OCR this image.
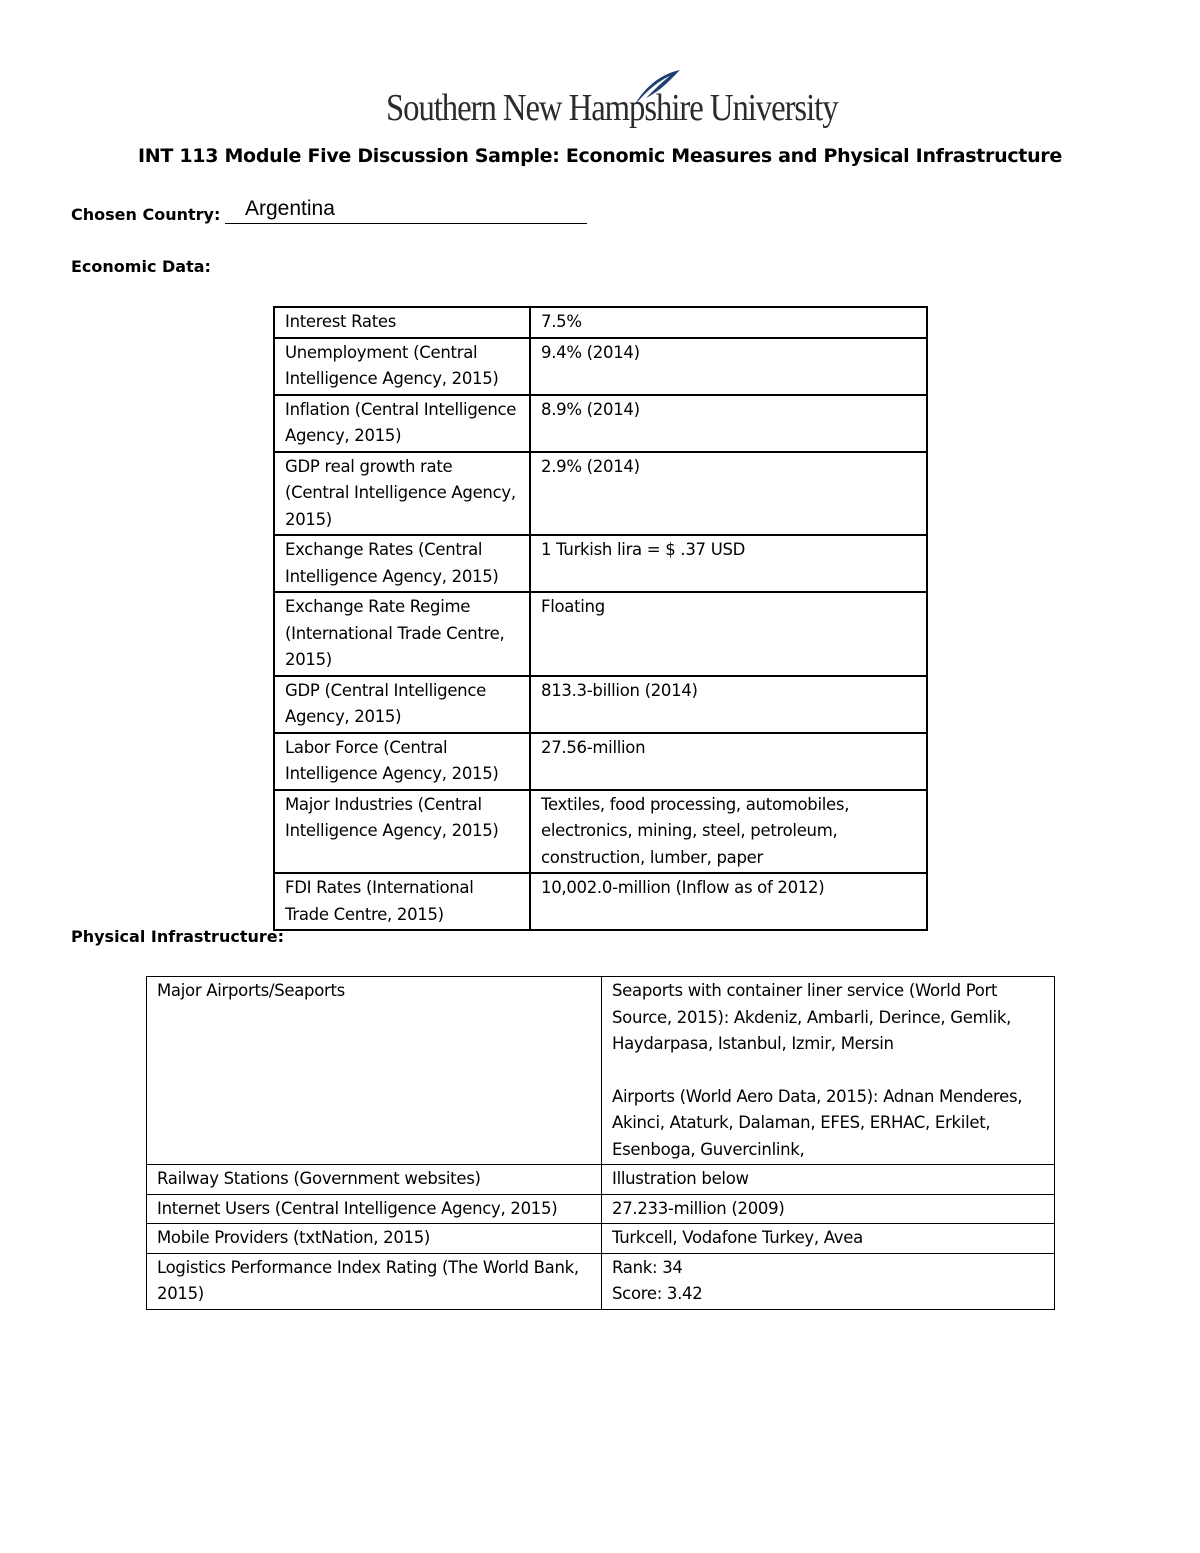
Southern New Hampshire University
INT 113 Module Five Discussion Sample: Economic Measures and Physical Infrastructure
Chosen Country: Argentina
Economic Data:
Interest Rates	7.5%
Unemployment (Central Intelligence Agency, 2015)	9.4% (2014)
Inflation (Central Intelligence Agency, 2015)	8.9% (2014)
GDP real growth rate (Central Intelligence Agency, 2015)	2.9% (2014)
Exchange Rates (Central Intelligence Agency, 2015)	1 Turkish lira = $ .37 USD
Exchange Rate Regime (International Trade Centre, 2015)	Floating
GDP (Central Intelligence Agency, 2015)	813.3-billion (2014)
Labor Force (Central Intelligence Agency, 2015)	27.56-million
Major Industries (Central Intelligence Agency, 2015)	Textiles, food processing, automobiles, electronics, mining, steel, petroleum, construction, lumber, paper
FDI Rates (International Trade Centre, 2015)	10,002.0-million (Inflow as of 2012)
Physical Infrastructure:
Major Airports/Seaports	Seaports with container liner service (World Port Source, 2015): Akdeniz, Ambarli, Derince, Gemlik, Haydarpasa, Istanbul, Izmir, Mersin
Airports (World Aero Data, 2015): Adnan Menderes, Akinci, Ataturk, Dalaman, EFES, ERHAC, Erkilet, Esenboga, Guvercinlink,

Railway Stations (Government websites)	Illustration below
Internet Users (Central Intelligence Agency, 2015)	27.233-million (2009)
Mobile Providers (txtNation, 2015)	Turkcell, Vodafone Turkey, Avea
Logistics Performance Index Rating (The World Bank, 2015)	Rank: 34
Score: 3.42
